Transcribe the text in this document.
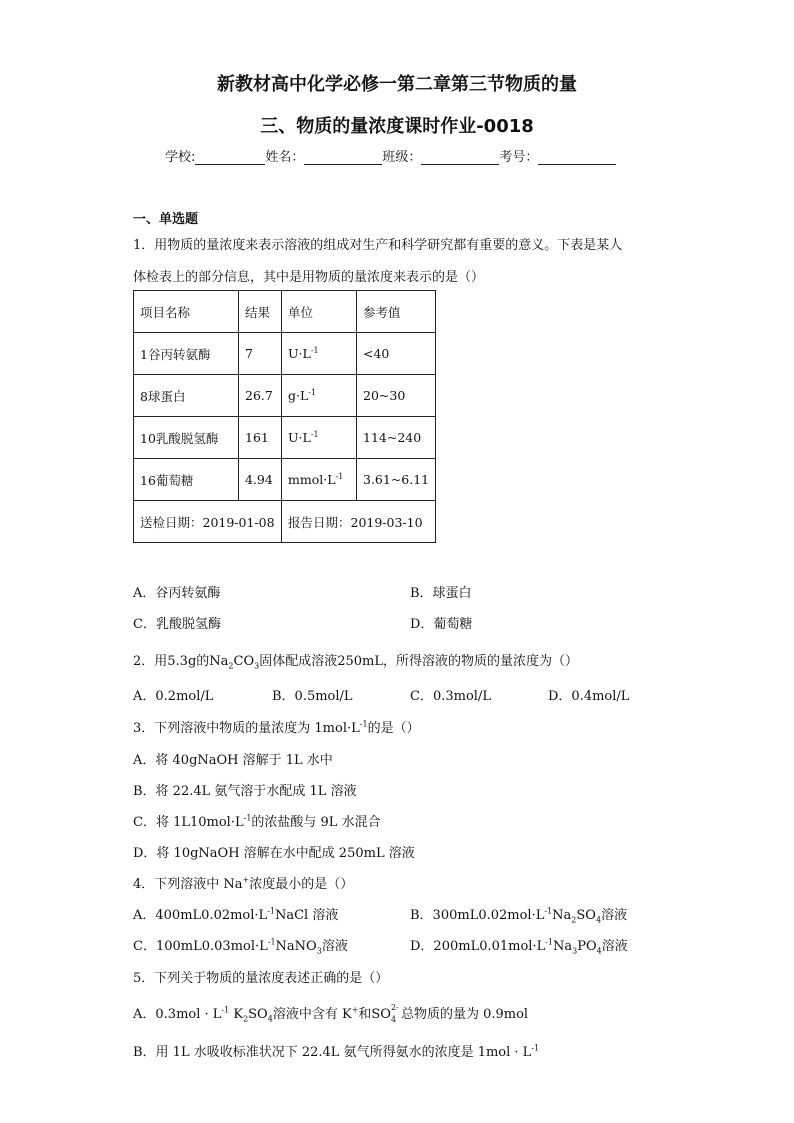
新教材高中化学必修一第二章第三节物质的量
三、物质的量浓度课时作业-0018
学校:	姓名：	班级：	考号：
一、单选题
1．用物质的量浓度来表示溶液的组成对生产和科学研究都有重要的意义。下表是某人
体检表上的部分信息，其中是用物质的量浓度来表示的是（）
项目名称	结果	单位	参考值
1谷丙转氨酶	7	$U\cdot L^{-1}$	<40
8球蛋白	26.7	$g\cdot L^{-1}$	20~30
10乳酸脱氢酶	161	$U\cdot L^{-1}$	114~240
16葡萄糖	4.94	$mmol\cdot L^{-1}$	3.61~6.11
送检日期：2019-01-08		报告日期：2019-03-10	
A．谷丙转氨酶	B．球蛋白
C．乳酸脱氢酶	D．葡萄糖
2．用5.3g的$Na_2CO_3$固体配成溶液250mL，所得溶液的物质的量浓度为（）
A．0.2mol/L	B．0.5mol/L	C．0.3mol/L	D．0.4mol/L
3．下列溶液中物质的量浓度为 $1mol\cdot L^{-1}$的是（）
A．将 40gNaOH 溶解于 1L 水中
B．将 22.4L 氨气溶于水配成 1L 溶液
C．将 $1L10mol\cdot L^{-1}$的浓盐酸与 9L 水混合
D．将 10gNaOH 溶解在水中配成 250mL 溶液
4．下列溶液中 Na+浓度最小的是（）
A．$400mL0.02mol\cdot L^{-1}NaCl$ 溶液	B．$300mL0.02mol\cdot L^{-1}Na_2SO_4$溶液
C．$100mL0.03mol\cdot L^{-1}NaNO_3$溶液	D．$200mL0.01mol\cdot L^{-1}Na_3PO_4$溶液
5．下列关于物质的量浓度表述正确的是（）
A．$0.3mol \cdot L^{-1}$ $K_2SO_4$溶液中含有 K+和SO 2-
4 总物质的量为 0.9mol
B．用 1L 水吸收标准状况下 22.4L 氨气所得氨水的浓度是 $1mol \cdot L^{-1}$
